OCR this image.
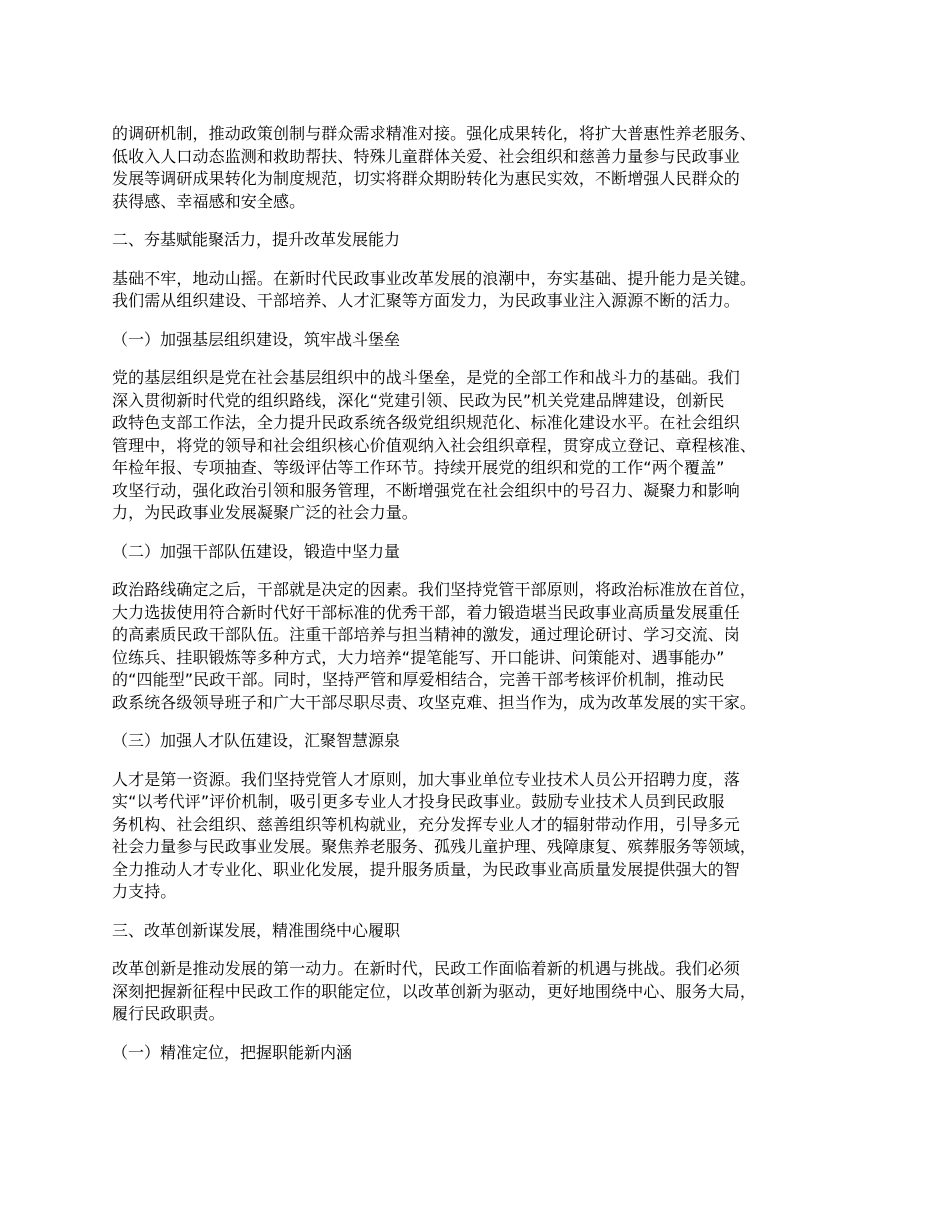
的调研机制，推动政策创制与群众需求精准对接。强化成果转化，将扩大普惠性养老服务、
低收入人口动态监测和救助帮扶、特殊儿童群体关爱、社会组织和慈善力量参与民政事业
发展等调研成果转化为制度规范，切实将群众期盼转化为惠民实效，不断增强人民群众的
获得感、幸福感和安全感。
二、夯基赋能聚活力，提升改革发展能力
基础不牢，地动山摇。在新时代民政事业改革发展的浪潮中，夯实基础、提升能力是关键。
我们需从组织建设、干部培养、人才汇聚等方面发力，为民政事业注入源源不断的活力。
（一）加强基层组织建设，筑牢战斗堡垒
党的基层组织是党在社会基层组织中的战斗堡垒，是党的全部工作和战斗力的基础。我们
深入贯彻新时代党的组织路线，深化“党建引领、民政为民”机关党建品牌建设，创新民
政特色支部工作法，全力提升民政系统各级党组织规范化、标准化建设水平。在社会组织
管理中，将党的领导和社会组织核心价值观纳入社会组织章程，贯穿成立登记、章程核准、
年检年报、专项抽查、等级评估等工作环节。持续开展党的组织和党的工作“两个覆盖”
攻坚行动，强化政治引领和服务管理，不断增强党在社会组织中的号召力、凝聚力和影响
力，为民政事业发展凝聚广泛的社会力量。
（二）加强干部队伍建设，锻造中坚力量
政治路线确定之后，干部就是决定的因素。我们坚持党管干部原则，将政治标准放在首位，
大力选拔使用符合新时代好干部标准的优秀干部，着力锻造堪当民政事业高质量发展重任
的高素质民政干部队伍。注重干部培养与担当精神的激发，通过理论研讨、学习交流、岗
位练兵、挂职锻炼等多种方式，大力培养“提笔能写、开口能讲、问策能对、遇事能办”
的“四能型”民政干部。同时，坚持严管和厚爱相结合，完善干部考核评价机制，推动民
政系统各级领导班子和广大干部尽职尽责、攻坚克难、担当作为，成为改革发展的实干家。
（三）加强人才队伍建设，汇聚智慧源泉
人才是第一资源。我们坚持党管人才原则，加大事业单位专业技术人员公开招聘力度，落
实“以考代评”评价机制，吸引更多专业人才投身民政事业。鼓励专业技术人员到民政服
务机构、社会组织、慈善组织等机构就业，充分发挥专业人才的辐射带动作用，引导多元
社会力量参与民政事业发展。聚焦养老服务、孤残儿童护理、残障康复、殡葬服务等领域，
全力推动人才专业化、职业化发展，提升服务质量，为民政事业高质量发展提供强大的智
力支持。
三、改革创新谋发展，精准围绕中心履职
改革创新是推动发展的第一动力。在新时代，民政工作面临着新的机遇与挑战。我们必须
深刻把握新征程中民政工作的职能定位，以改革创新为驱动，更好地围绕中心、服务大局，
履行民政职责。
（一）精准定位，把握职能新内涵
